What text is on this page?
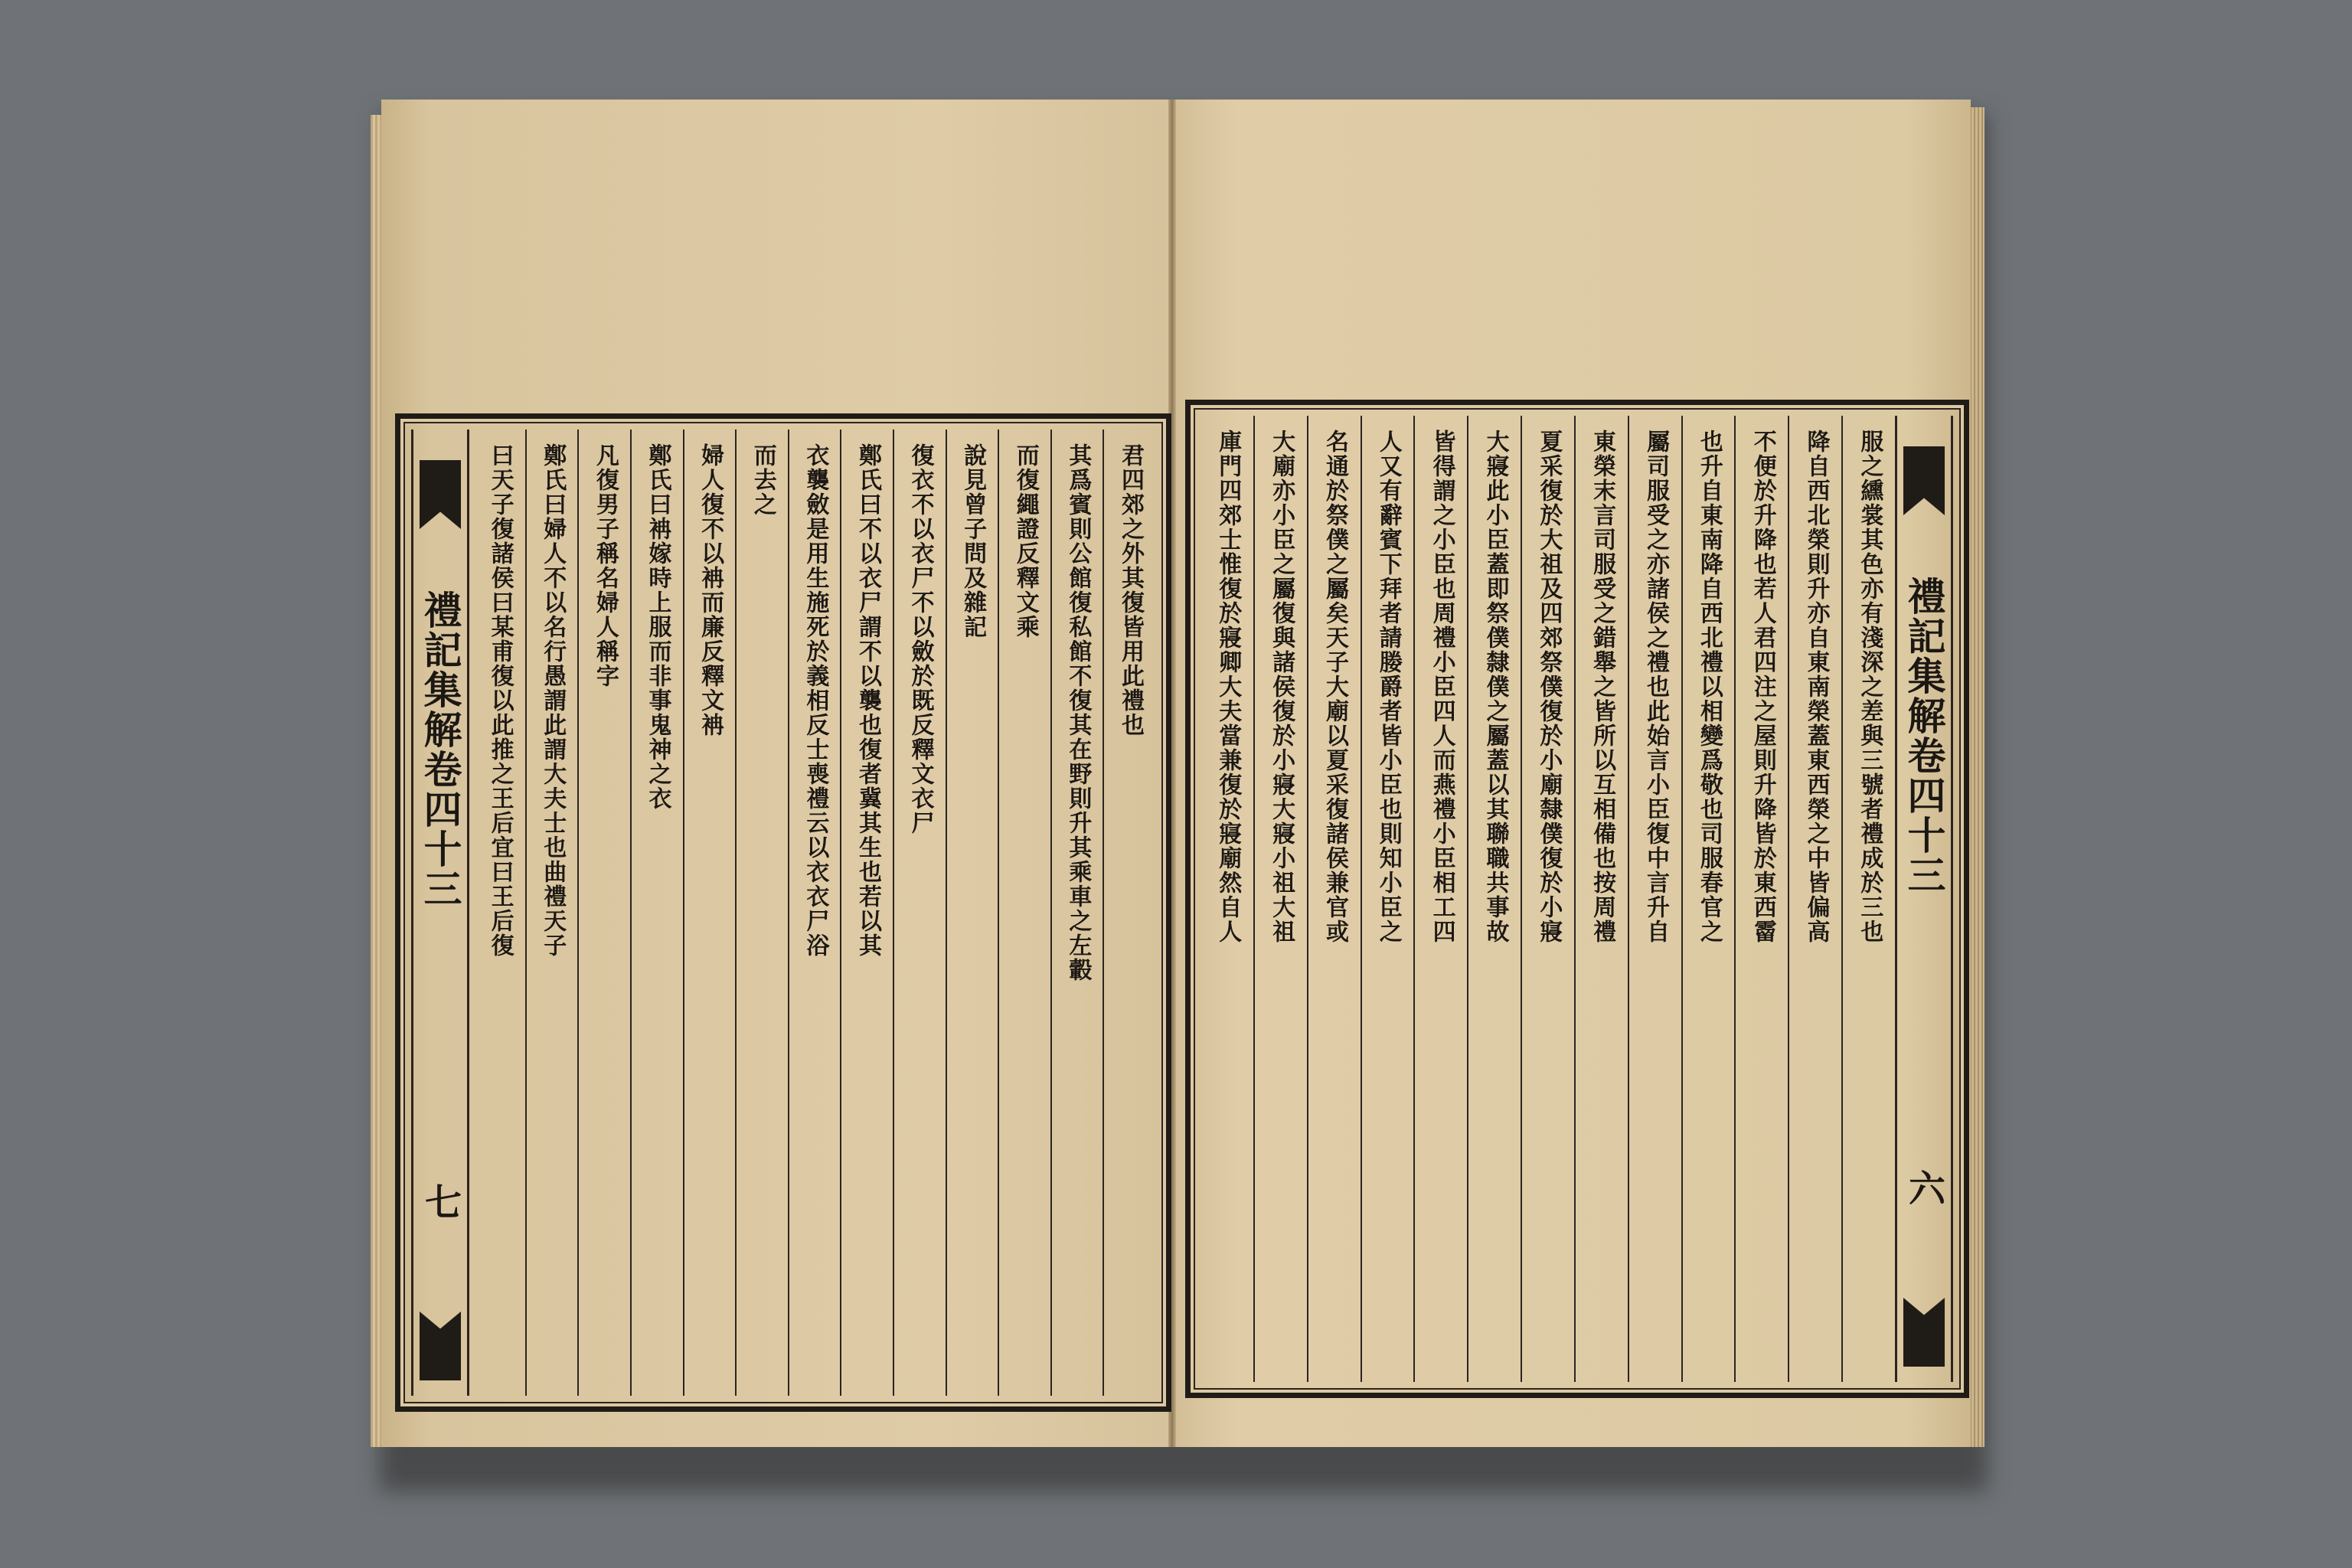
禮記集解卷四十三
七
君四郊之外其復皆用此禮也
其爲賓則公館復私館不復其在野則升其乘車之左轂
而復繩證反釋文乘
說見曾子問及雜記
復衣不以衣尸不以斂於既反釋文衣尸
鄭氏曰不以衣尸謂不以襲也復者冀其生也若以其
衣襲斂是用生施死於義相反士喪禮云以衣衣尸浴
而去之
婦人復不以袡而廉反釋文袡
鄭氏曰袡嫁時上服而非事鬼神之衣
凡復男子稱名婦人稱字
鄭氏曰婦人不以名行愚謂此謂大夫士也曲禮天子
曰天子復諸侯曰某甫復以此推之王后宜曰王后復	禮記集解卷四十三
六
服之纁裳其色亦有淺深之差與三號者禮成於三也
降自西北榮則升亦自東南榮蓋東西榮之中皆偏高
不便於升降也若人君四注之屋則升降皆於東西霤
也升自東南降自西北禮以相變爲敬也司服春官之
屬司服受之亦諸侯之禮也此始言小臣復中言升自
東榮末言司服受之錯舉之皆所以互相備也按周禮
夏采復於大祖及四郊祭僕復於小廟隸僕復於小寢
大寢此小臣蓋即祭僕隸僕之屬蓋以其聯職共事故
皆得謂之小臣也周禮小臣四人而燕禮小臣相工四
人又有辭賓下拜者請媵爵者皆小臣也則知小臣之
名通於祭僕之屬矣天子大廟以夏采復諸侯兼官或
大廟亦小臣之屬復與諸侯復於小寢大寢小祖大祖
庫門四郊士惟復於寢卿大夫當兼復於寢廟然自人
